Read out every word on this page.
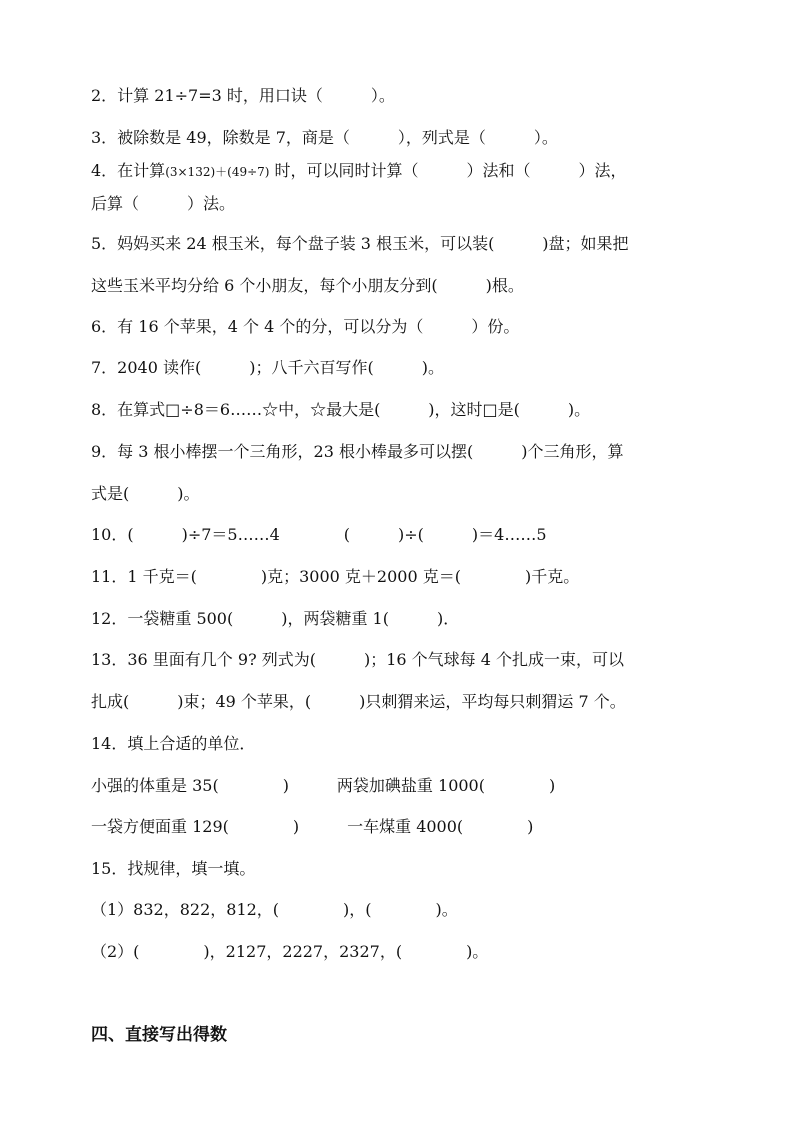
2．计算 21÷7=3 时，用口诀（　　　）。
3．被除数是 49，除数是 7，商是（　　　），列式是（　　　）。
4．在计算(3×132)＋(49÷7) 时，可以同时计算（　　　）法和（　　　）法，
后算（　　　）法。
5．妈妈买来 24 根玉米，每个盘子装 3 根玉米，可以装(　　　)盘；如果把
这些玉米平均分给 6 个小朋友，每个小朋友分到(　　　)根。
6．有 16 个苹果，4 个 4 个的分，可以分为（　　　）份。
7．2040 读作(　　　)；八千六百写作(　　　)。
8．在算式□÷8＝6……☆中，☆最大是(　　　)，这时□是(　　　)。
9．每 3 根小棒摆一个三角形，23 根小棒最多可以摆(　　　)个三角形，算
式是(　　　)。
10．(　　　)÷7＝5……4　　　　(　　　)÷(　　　)＝4……5
11．1 千克＝(　　　　)克；3000 克＋2000 克＝(　　　　)千克。
12．一袋糖重 500(　　　)，两袋糖重 1(　　　)．
13．36 里面有几个 9? 列式为(　　　)；16 个气球每 4 个扎成一束，可以
扎成(　　　)束；49 个苹果，(　　　)只刺猬来运，平均每只刺猬运 7 个。
14．填上合适的单位．
小强的体重是 35(　　　　)　　　两袋加碘盐重 1000(　　　　)
一袋方便面重 129(　　　　)　　　一车煤重 4000(　　　　)
15．找规律，填一填。
（1）832，822，812，(　　　　)，(　　　　)。
（2）(　　　　)，2127，2227，2327，(　　　　)。
四、直接写出得数
